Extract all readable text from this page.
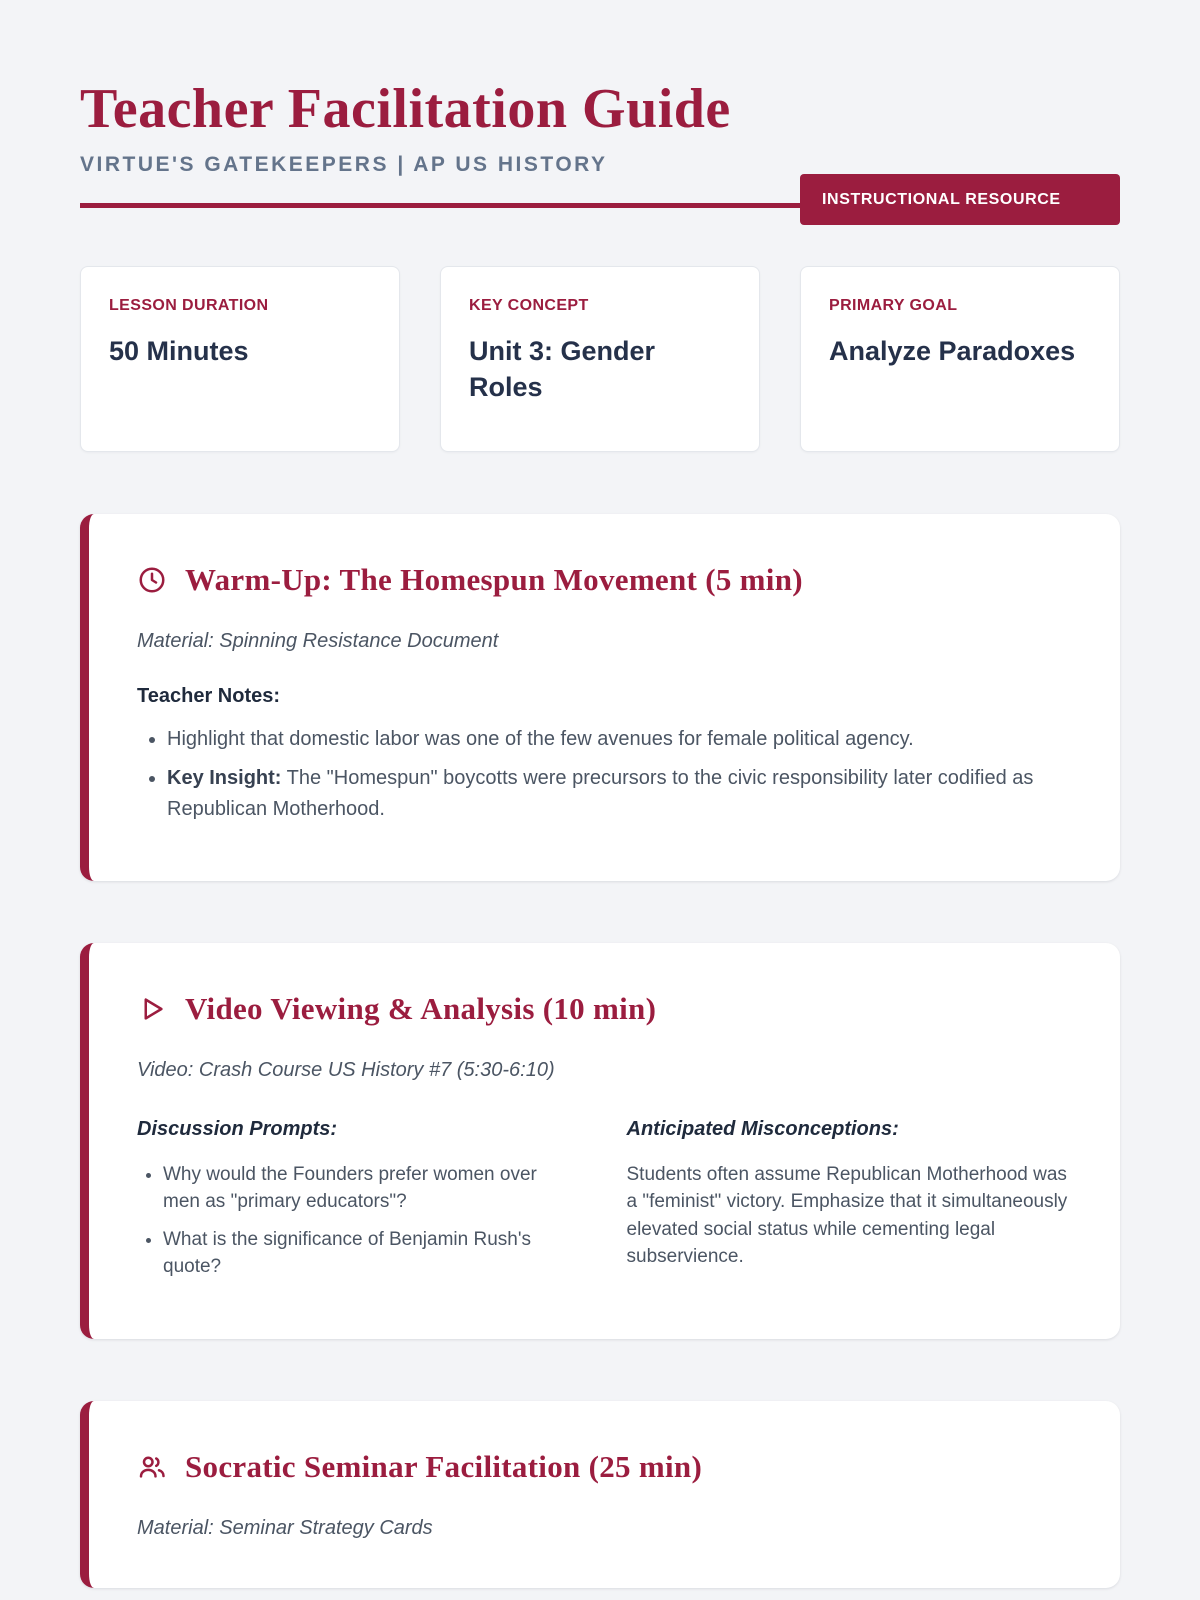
Teacher Facilitation Guide
INSTRUCTIONAL RESOURCE
VIRTUE'S GATEKEEPERS | AP US HISTORY
LESSON DURATION
50 Minutes
KEY CONCEPT
Unit 3: Gender Roles
PRIMARY GOAL
Analyze Paradoxes
Warm-Up: The Homespun Movement (5 min)
Material: Spinning Resistance Document
Teacher Notes:
• Highlight that domestic labor was one of the few avenues for female political agency.
• Key Insight: The "Homespun" boycotts were precursors to the civic responsibility later codified as Republican Motherhood.
Video Viewing & Analysis (10 min)
Video: Crash Course US History #7 (5:30-6:10)
Discussion Prompts:
• Why would the Founders prefer women over men as "primary educators"?
• What is the significance of Benjamin Rush's quote?
Anticipated Misconceptions:
Students often assume Republican Motherhood was a "feminist" victory. Emphasize that it simultaneously elevated social status while cementing legal subservience.
Socratic Seminar Facilitation (25 min)
Material: Seminar Strategy Cards
